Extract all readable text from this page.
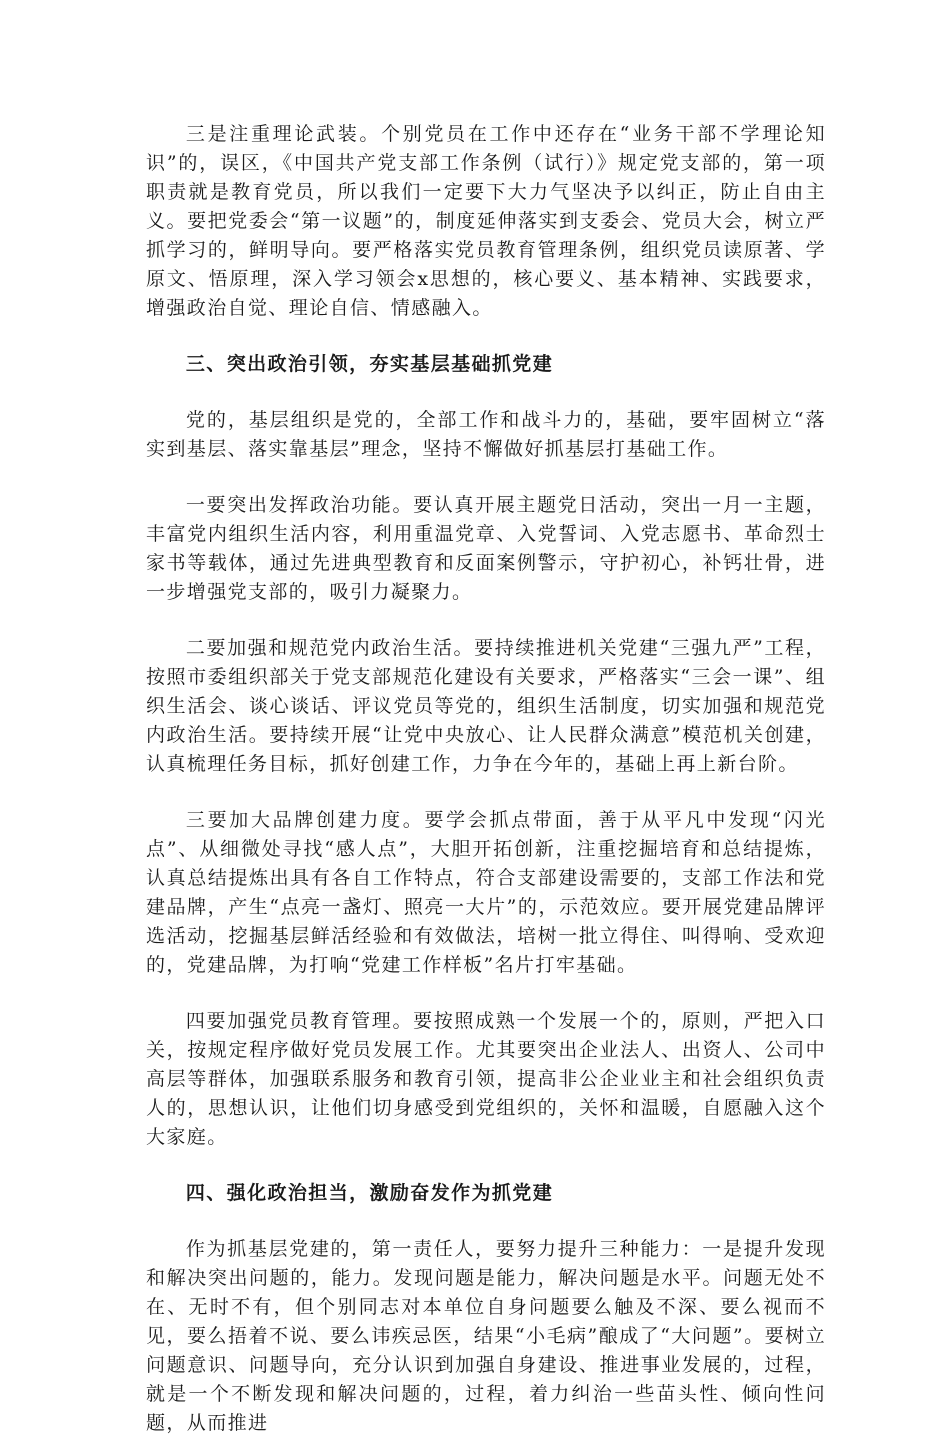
三是注重理论武装。个别党员在工作中还存在“业务干部不学理论知识”的，误区，《中国共产党支部工作条例（试行）》规定党支部的，第一项职责就是教育党员，所以我们一定要下大力气坚决予以纠正，防止自由主义。要把党委会“第一议题”的，制度延伸落实到支委会、党员大会，树立严抓学习的，鲜明导向。要严格落实党员教育管理条例，组织党员读原著、学原文、悟原理，深入学习领会x思想的，核心要义、基本精神、实践要求，增强政治自觉、理论自信、情感融入。

三、突出政治引领，夯实基层基础抓党建

党的，基层组织是党的，全部工作和战斗力的，基础，要牢固树立“落实到基层、落实靠基层”理念，坚持不懈做好抓基层打基础工作。

一要突出发挥政治功能。要认真开展主题党日活动，突出一月一主题，丰富党内组织生活内容，利用重温党章、入党誓词、入党志愿书、革命烈士家书等载体，通过先进典型教育和反面案例警示，守护初心，补钙壮骨，进一步增强党支部的，吸引力凝聚力。

二要加强和规范党内政治生活。要持续推进机关党建“三强九严”工程，按照市委组织部关于党支部规范化建设有关要求，严格落实“三会一课”、组织生活会、谈心谈话、评议党员等党的，组织生活制度，切实加强和规范党内政治生活。要持续开展“让党中央放心、让人民群众满意”模范机关创建，认真梳理任务目标，抓好创建工作，力争在今年的，基础上再上新台阶。

三要加大品牌创建力度。要学会抓点带面，善于从平凡中发现“闪光点”、从细微处寻找“感人点”，大胆开拓创新，注重挖掘培育和总结提炼，认真总结提炼出具有各自工作特点，符合支部建设需要的，支部工作法和党建品牌，产生“点亮一盏灯、照亮一大片”的，示范效应。要开展党建品牌评选活动，挖掘基层鲜活经验和有效做法，培树一批立得住、叫得响、受欢迎的，党建品牌，为打响“党建工作样板”名片打牢基础。

四要加强党员教育管理。要按照成熟一个发展一个的，原则，严把入口关，按规定程序做好党员发展工作。尤其要突出企业法人、出资人、公司中高层等群体，加强联系服务和教育引领，提高非公企业业主和社会组织负责人的，思想认识，让他们切身感受到党组织的，关怀和温暖，自愿融入这个大家庭。

四、强化政治担当，激励奋发作为抓党建

作为抓基层党建的，第一责任人，要努力提升三种能力：一是提升发现和解决突出问题的，能力。发现问题是能力，解决问题是水平。问题无处不在、无时不有，但个别同志对本单位自身问题要么触及不深、要么视而不见，要么捂着不说、要么讳疾忌医，结果“小毛病”酿成了“大问题”。要树立问题意识、问题导向，充分认识到加强自身建设、推进事业发展的，过程，就是一个不断发现和解决问题的，过程，着力纠治一些苗头性、倾向性问题，从而推进
